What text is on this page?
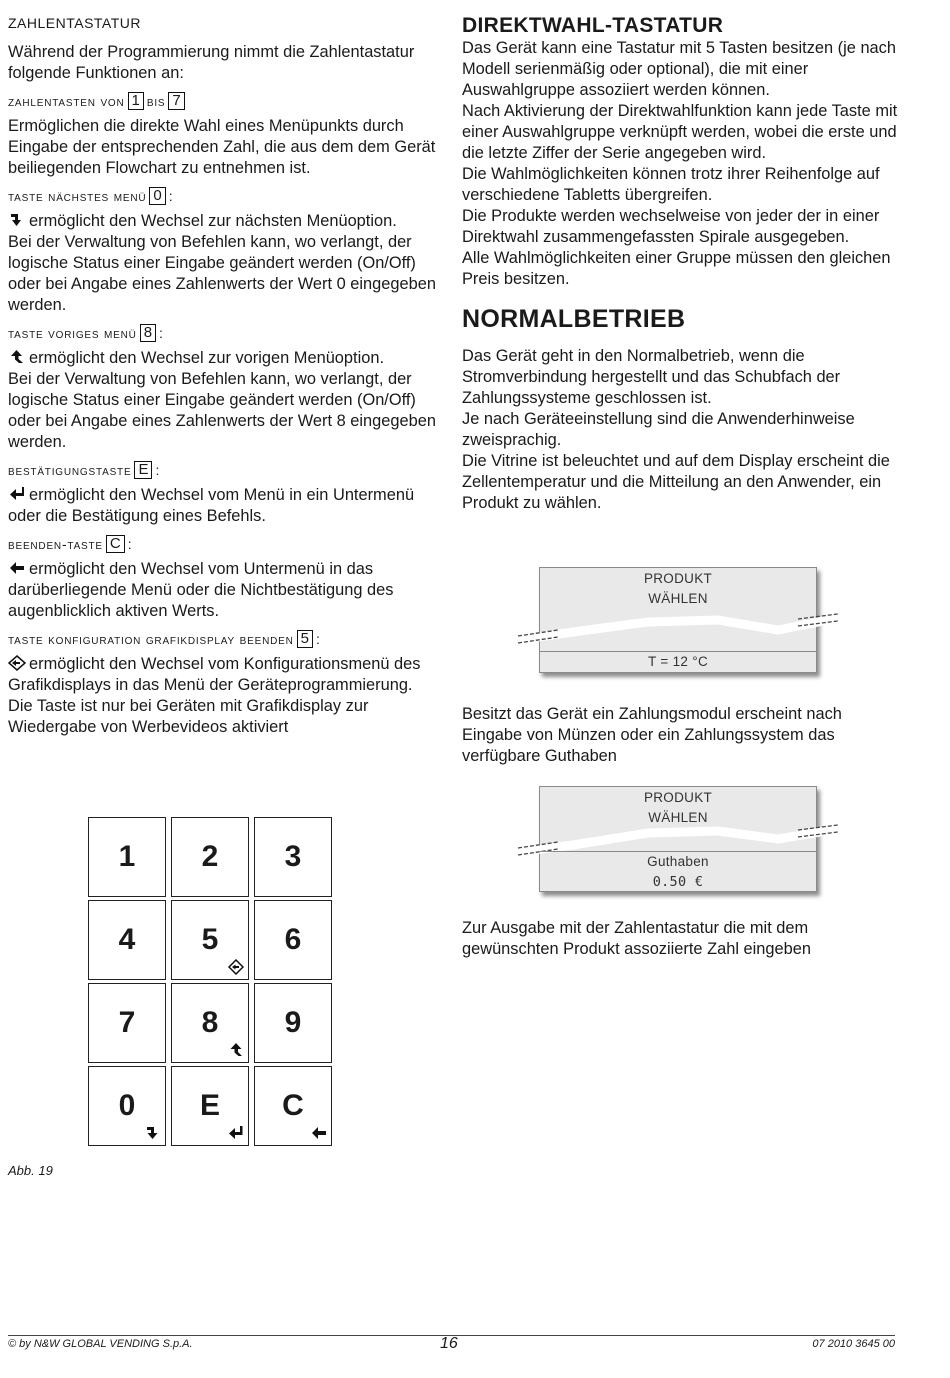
ZAHLENTASTATUR

Während der Programmierung nimmt die Zahlentastatur folgende Funktionen an:

zahlentasten von 1 bis 7

Ermöglichen die direkte Wahl eines Menüpunkts durch Eingabe der entsprechenden Zahl, die aus dem dem Gerät beiliegenden Flowchart zu entnehmen ist.

taste nächstes menü 0 :

ermöglicht den Wechsel zur nächsten Menüoption.
Bei der Verwaltung von Befehlen kann, wo verlangt, der logische Status einer Eingabe geändert werden (On/Off) oder bei Angabe eines Zahlenwerts der Wert 0 eingegeben werden.

taste voriges menü 8 :

ermöglicht den Wechsel zur vorigen Menüoption.
Bei der Verwaltung von Befehlen kann, wo verlangt, der logische Status einer Eingabe geändert werden (On/Off) oder bei Angabe eines Zahlenwerts der Wert 8 eingegeben werden.

bestätigungstaste E :

ermöglicht den Wechsel vom Menü in ein Untermenü oder die Bestätigung eines Befehls.

beenden-taste C :

ermöglicht den Wechsel vom Untermenü in das darüberliegende Menü oder die Nichtbestätigung des augenblicklich aktiven Werts.

taste konfiguration grafikdisplay beenden 5 :

ermöglicht den Wechsel vom Konfigurationsmenü des Grafikdisplays in das Menü der Geräteprogrammierung.
Die Taste ist nur bei Geräten mit Grafikdisplay zur Wiedergabe von Werbevideos aktiviert

1	2	3
4	5	6
7	8	9
0	E	C
Abb. 19
DIREKTWAHL-TASTATUR

Das Gerät kann eine Tastatur mit 5 Tasten besitzen (je nach Modell serienmäßig oder optional), die mit einer Auswahlgruppe assoziiert werden können.

Nach Aktivierung der Direktwahlfunktion kann jede Taste mit einer Auswahlgruppe verknüpft werden, wobei die erste und die letzte Ziffer der Serie angegeben wird.

Die Wahlmöglichkeiten können trotz ihrer Reihenfolge auf verschiedene Tabletts übergreifen.

Die Produkte werden wechselweise von jeder der in einer Direktwahl zusammengefassten Spirale ausgegeben.

Alle Wahlmöglichkeiten einer Gruppe müssen den gleichen Preis besitzen.

NORMALBETRIEB

Das Gerät geht in den Normalbetrieb, wenn die Stromverbindung hergestellt und das Schubfach der Zahlungssysteme geschlossen ist.

Je nach Geräteeinstellung sind die Anwenderhinweise zweisprachig.

Die Vitrine ist beleuchtet und auf dem Display erscheint die Zellentemperatur und die Mitteilung an den Anwender, ein Produkt zu wählen.

PRODUKT
WÄHLEN
T = 12 °C

Besitzt das Gerät ein Zahlungsmodul erscheint nach Eingabe von Münzen oder ein Zahlungssystem das verfügbare Guthaben

PRODUKT
WÄHLEN
Guthaben
0.50 €

Zur Ausgabe mit der Zahlentastatur die mit dem gewünschten Produkt assoziierte Zahl eingeben

© by N&W GLOBAL VENDING S.p.A.	16	07 2010 3645 00
